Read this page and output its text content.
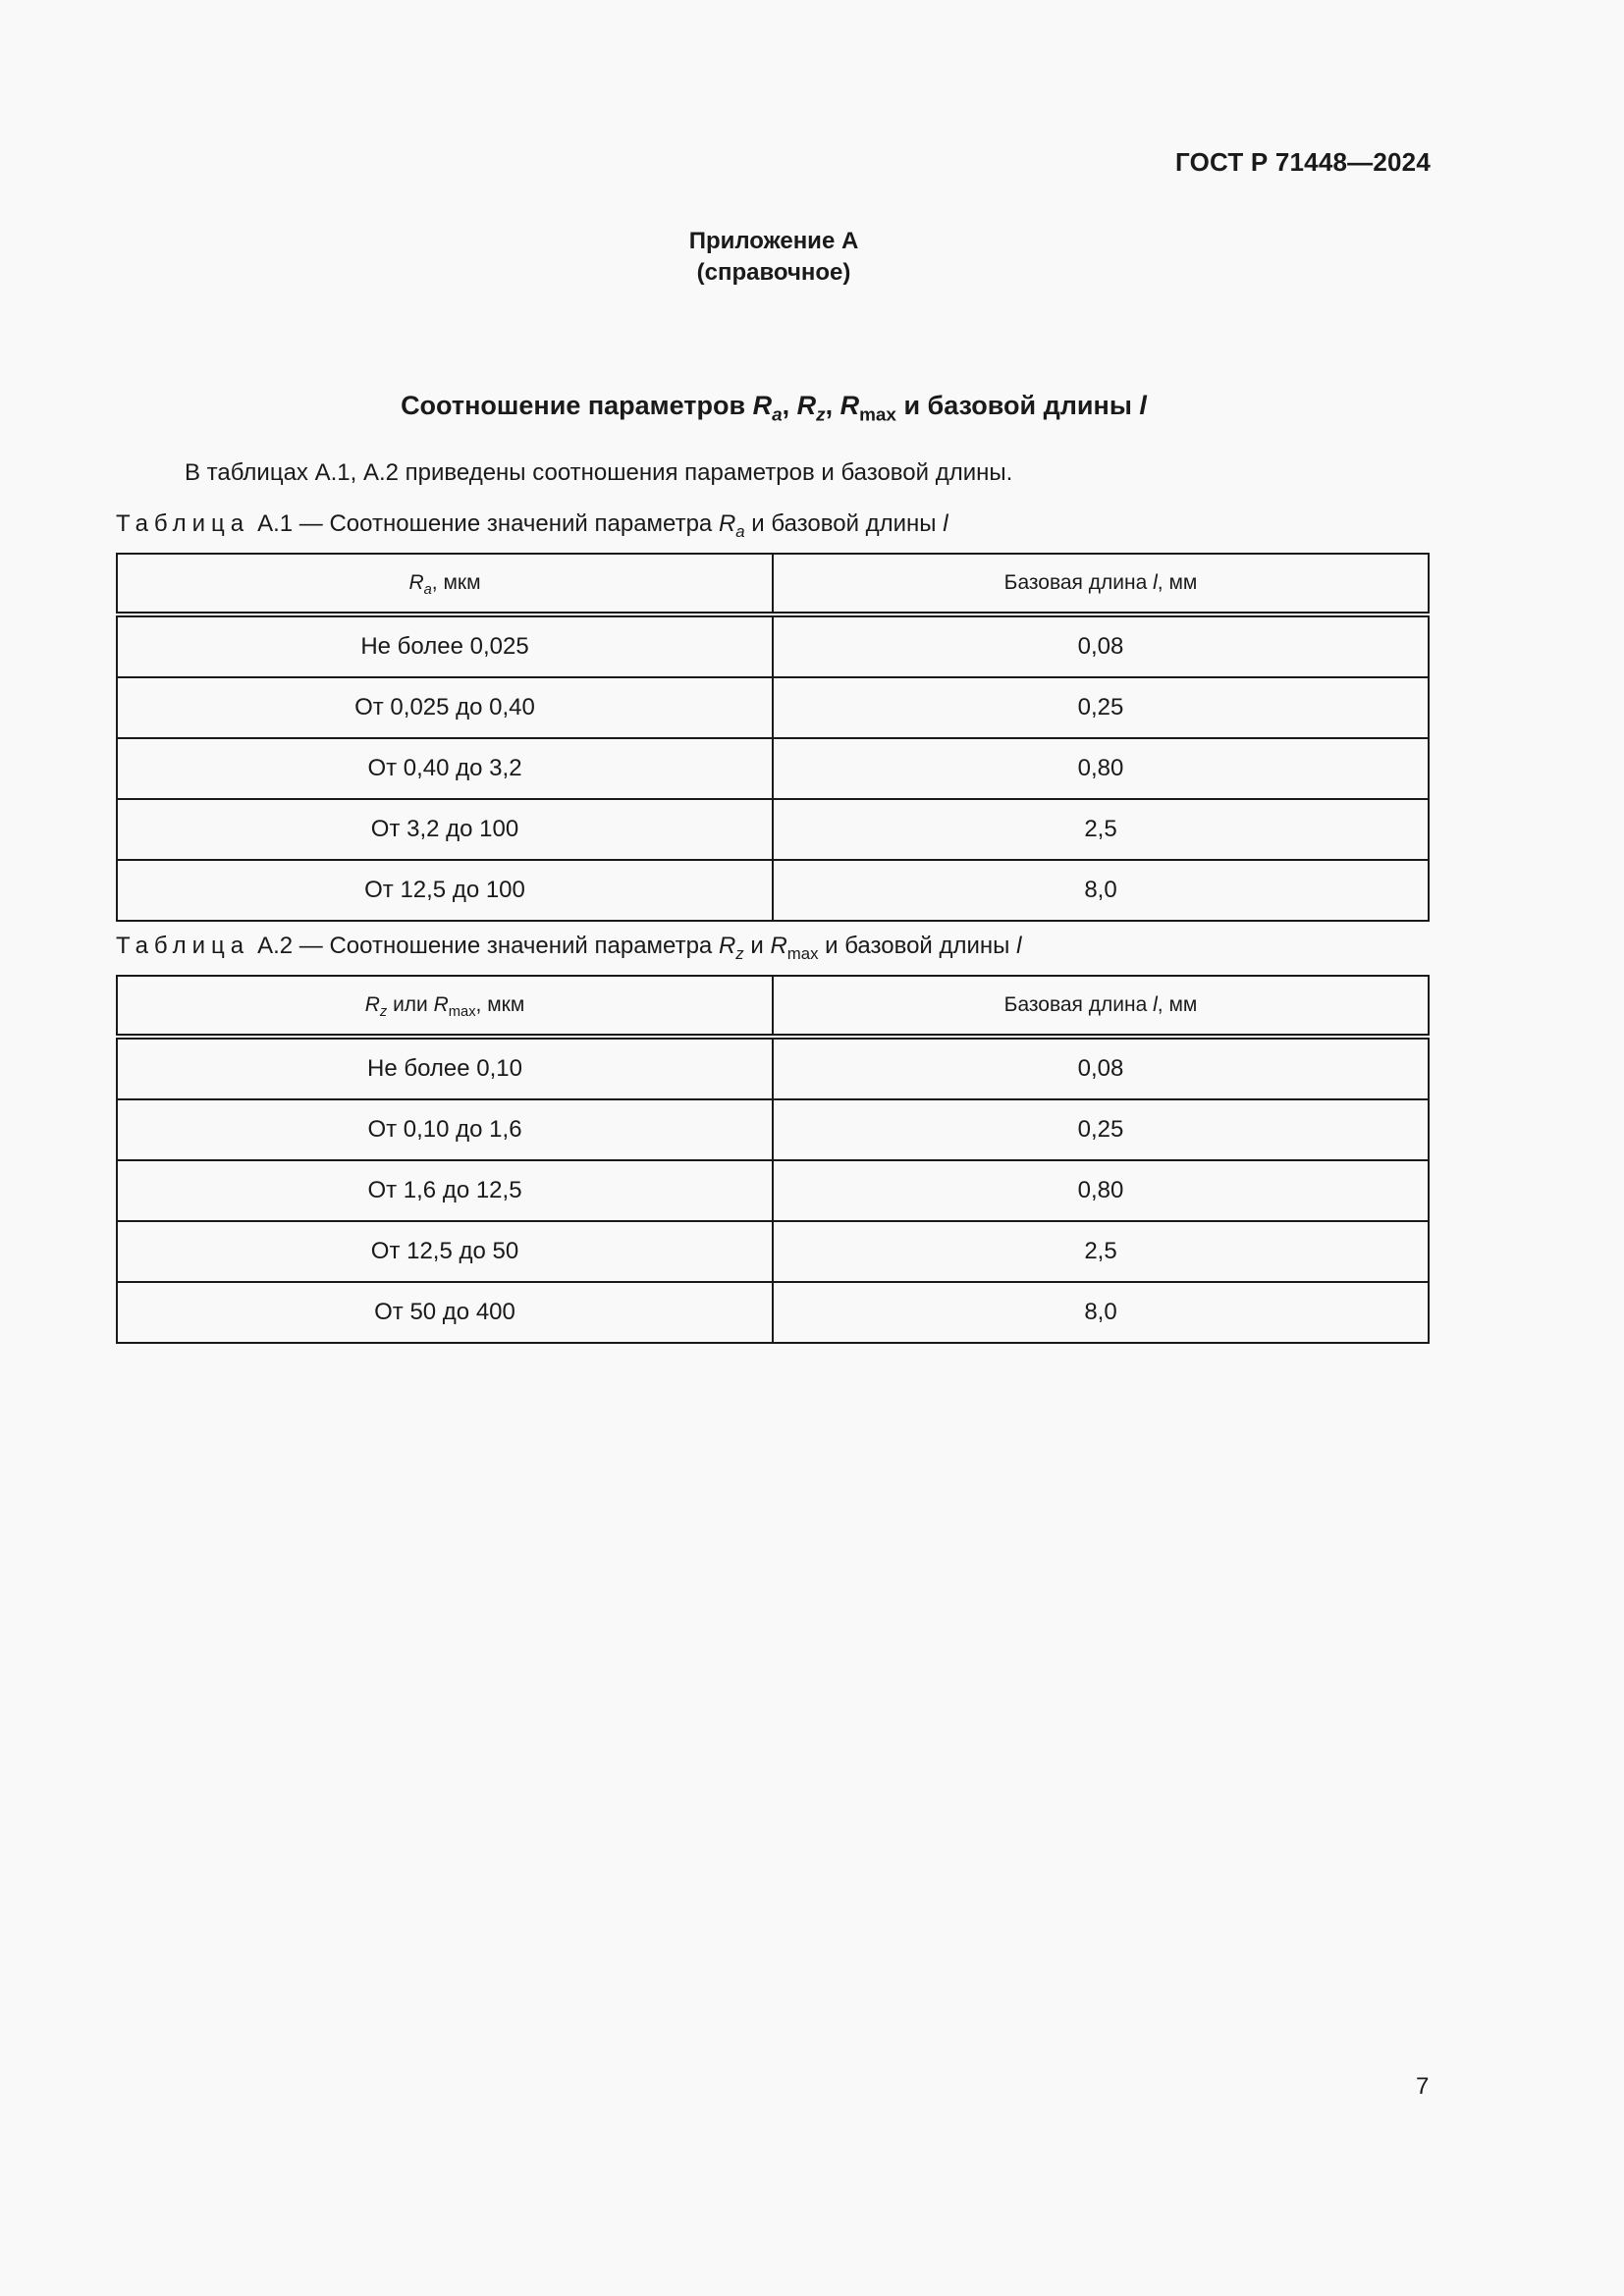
ГОСТ Р 71448—2024
Приложение А
(справочное)
Соотношение параметров $R_a$, $R_z$, $R_{max}$ и базовой длины l
В таблицах А.1, А.2 приведены соотношения параметров и базовой длины.
Таблица А.1 — Соотношение значений параметра $R_a$ и базовой длины l
$R_a$, мкм	Базовая длина l, мм
Не более 0,025	0,08
От 0,025 до 0,40	0,25
От 0,40 до 3,2	0,80
От 3,2 до 100	2,5
От 12,5 до 100	8,0
Таблица А.2 — Соотношение значений параметра $R_z$ и $R_{max}$ и базовой длины l
$R_z$ или $R_{max}$, мкм	Базовая длина l, мм
Не более 0,10	0,08
От 0,10 до 1,6	0,25
От 1,6 до 12,5	0,80
От 12,5 до 50	2,5
От 50 до 400	8,0
7
